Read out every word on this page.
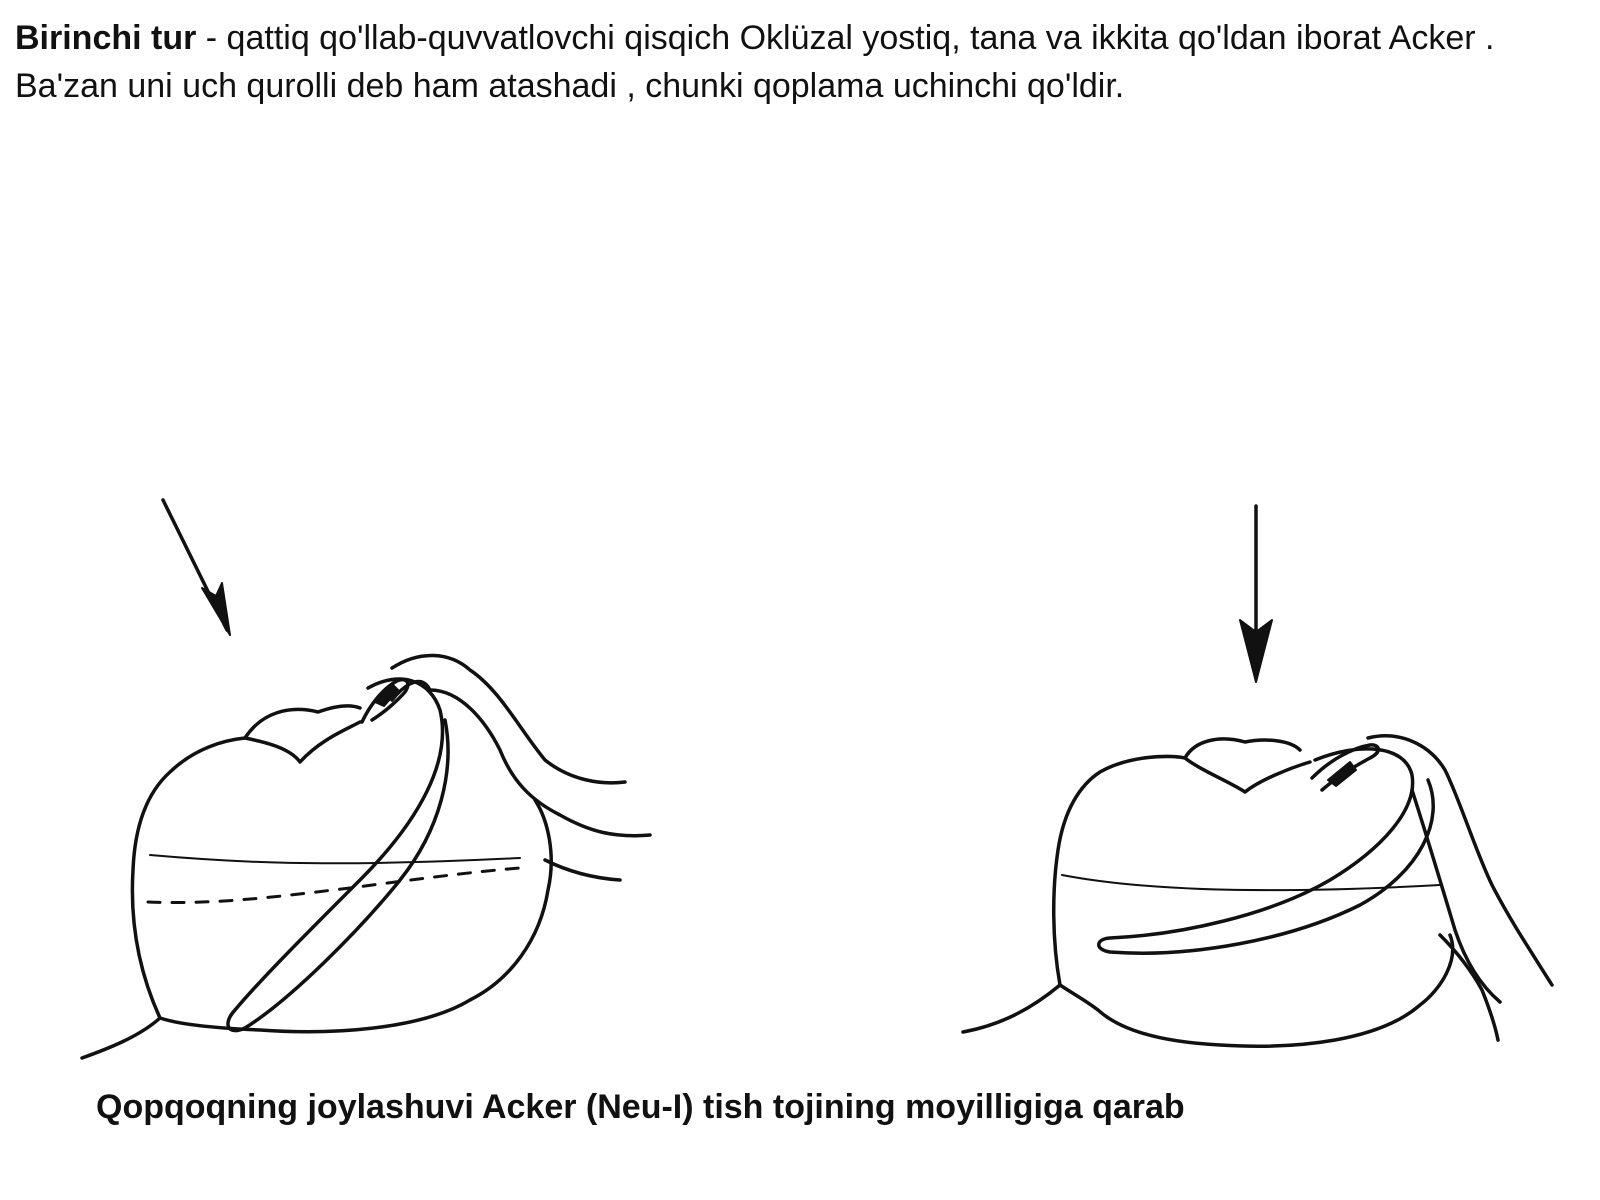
Birinchi tur - qattiq qo'llab-quvvatlovchi qisqich Oklüzal yostiq, tana va ikkita qo'ldan iborat Acker . Ba'zan uni uch qurolli deb ham atashadi , chunki qoplama uchinchi qo'ldir.

Qopqoqning joylashuvi Acker (Neu-I) tish tojining moyilligiga qarab
